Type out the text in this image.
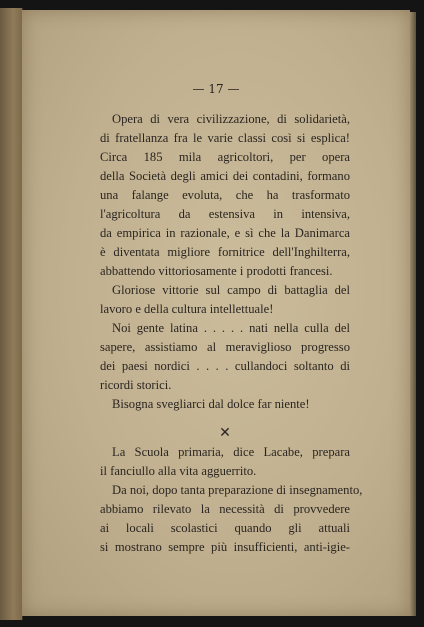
— 17 —
Opera di vera civilizzazione, di solidarietà,
di fratellanza fra le varie classi così si esplica!
Circa 185 mila agricoltori, per opera
della Società degli amici dei contadini, formano
una falange evoluta, che ha trasformato
l'agricoltura da estensiva in intensiva,
da empirica in razionale, e sì che la Danimarca
è diventata migliore fornitrice dell'Inghilterra,
abbattendo vittoriosamente i prodotti francesi.
Gloriose vittorie sul campo di battaglia del
lavoro e della cultura intellettuale!
Noi gente latina . . . . . nati nella culla del
sapere, assistiamo al meraviglioso progresso
dei paesi nordici . . . . cullandoci soltanto di
ricordi storici.
Bisogna svegliarci dal dolce far niente!
✕
La Scuola primaria, dice Lacabe, prepara
il fanciullo alla vita agguerrito.
Da noi, dopo tanta preparazione di insegnamento,
abbiamo rilevato la necessità di provvedere
ai locali scolastici quando gli attuali
si mostrano sempre più insufficienti, anti-igie-
